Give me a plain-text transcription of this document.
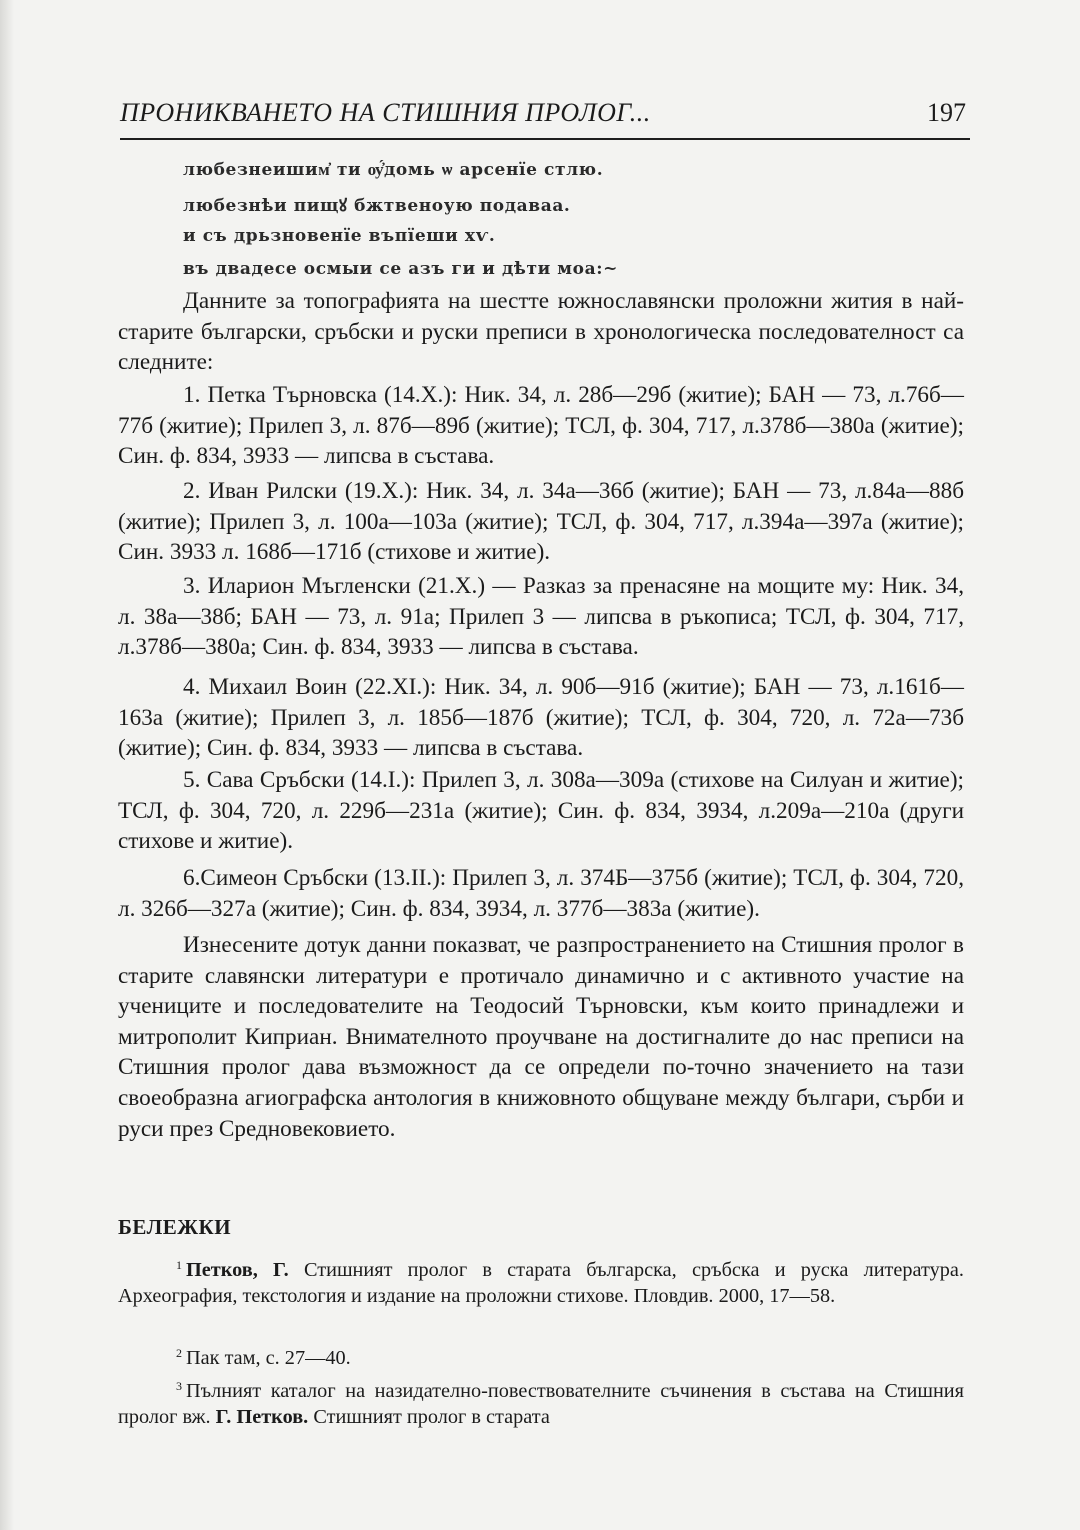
ПРОНИКВАНЕТО НА СТИШНИЯ ПРОЛОГ...	197
любезнеишим҆ ти ѹ҆́домь ѡ арсенїе стлю.
любезнѣи пищꙋ бжтвеноую подаваа.
и съ дрьзновенїе въпїеши хѵ.
въ двадесе осмыи се азъ ги и дѣти моа:~
Данните за топографията на шестте южнославянски проложни жития в най-старите български, сръбски и руски преписи в хронологическа последователност са следните:
1. Петка Търновска (14.Х.): Ник. 34, л. 28б—29б (житие); БАН — 73, л.76б—77б (житие); Прилеп 3, л. 87б—89б (житие); ТСЛ, ф. 304, 717, л.378б—380а (житие); Син. ф. 834, 3933 — липсва в състава.
2. Иван Рилски (19.Х.): Ник. 34, л. 34а—36б (житие); БАН — 73, л.84а—88б (житие); Прилеп 3, л. 100а—103а (житие); ТСЛ, ф. 304, 717, л.394а—397а (житие); Син. 3933 л. 168б—171б (стихове и житие).
3. Иларион Мъгленски (21.Х.) — Разказ за пренасяне на мощите му: Ник. 34, л. 38а—38б; БАН — 73, л. 91а; Прилеп 3 — липсва в ръкописа; ТСЛ, ф. 304, 717, л.378б—380а; Син. ф. 834, 3933 — липсва в състава.
4. Михаил Воин (22.ХI.): Ник. 34, л. 90б—91б (житие); БАН — 73, л.161б—163а (житие); Прилеп 3, л. 185б—187б (житие); ТСЛ, ф. 304, 720, л. 72а—73б (житие); Син. ф. 834, 3933 — липсва в състава.
5. Сава Сръбски (14.I.): Прилеп 3, л. 308а—309а (стихове на Силуан и житие); ТСЛ, ф. 304, 720, л. 229б—231а (житие); Син. ф. 834, 3934, л.209а—210а (други стихове и житие).
6.Симеон Сръбски (13.II.): Прилеп 3, л. 374Б—375б (житие); ТСЛ, ф. 304, 720, л. 326б—327а (житие); Син. ф. 834, 3934, л. 377б—383а (житие).
Изнесените дотук данни показват, че разпространението на Стишния пролог в старите славянски литератури е протичало динамично и с активното участие на учениците и последователите на Теодосий Търновски, към които принадлежи и митрополит Киприан. Внимателното проучване на достигналите до нас преписи на Стишния пролог дава възможност да се определи по-точно значението на тази своеобразна агиографска антология в книжовното общуване между българи, сърби и руси през Средновековието.
БЕЛЕЖКИ
$^1$ Петков, Г. Стишният пролог в старата българска, сръбска и руска литература. Археография, текстология и издание на проложни стихове. Пловдив. 2000, 17—58.
$^2$ Пак там, с. 27—40.
$^3$ Пълният каталог на назидателно-повествователните съчинения в състава на Стишния пролог вж. Г. Петков. Стишният пролог в старата
